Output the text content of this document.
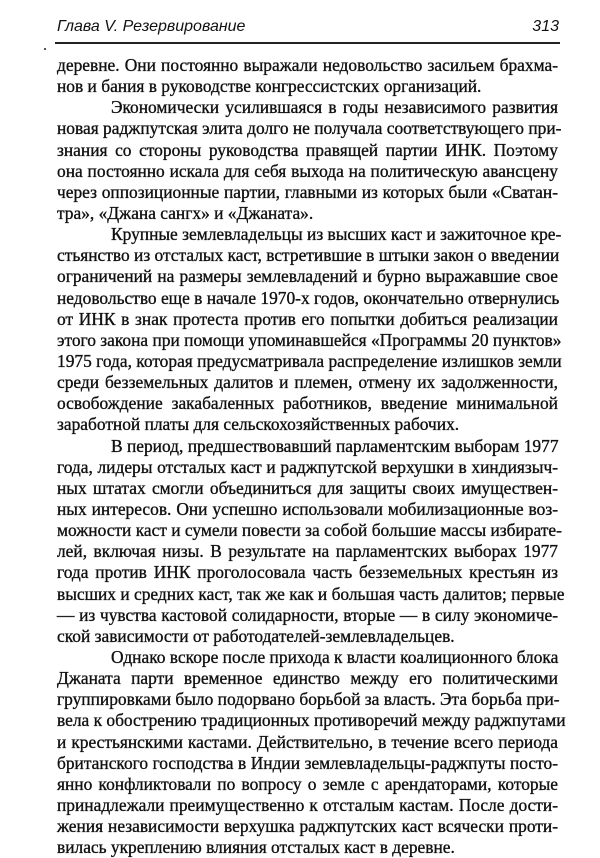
Глава V. Резервирование	313
деревне. Они постоянно выражали недовольство засильем брахма-
нов и бания в руководстве конгрессистских организаций.
Экономически усилившаяся в годы независимого развития
новая раджпутская элита долго не получала соответствующего при-
знания со стороны руководства правящей партии ИНК. Поэтому
она постоянно искала для себя выхода на политическую авансцену
через оппозиционные партии, главными из которых были «Сватан-
тра», «Джана сангх» и «Джаната».
Крупные землевладельцы из высших каст и зажиточное кре-
стьянство из отсталых каст, встретившие в штыки закон о введении
ограничений на размеры землевладений и бурно выражавшие свое
недовольство еще в начале 1970-х годов, окончательно отвернулись
от ИНК в знак протеста против его попытки добиться реализации
этого закона при помощи упоминавшейся «Программы 20 пунктов»
1975 года, которая предусматривала распределение излишков земли
среди безземельных далитов и племен, отмену их задолженности,
освобождение закабаленных работников, введение минимальной
заработной платы для сельскохозяйственных рабочих.
В период, предшествовавший парламентским выборам 1977
года, лидеры отсталых каст и раджпутской верхушки в хиндиязыч-
ных штатах смогли объединиться для защиты своих имуществен-
ных интересов. Они успешно использовали мобилизационные воз-
можности каст и сумели повести за собой большие массы избирате-
лей, включая низы. В результате на парламентских выборах 1977
года против ИНК проголосовала часть безземельных крестьян из
высших и средних каст, так же как и большая часть далитов; первые
— из чувства кастовой солидарности, вторые — в силу экономиче-
ской зависимости от работодателей-землевладельцев.
Однако вскоре после прихода к власти коалиционного блока
Джаната парти временное единство между его политическими
группировками было подорвано борьбой за власть. Эта борьба при-
вела к обострению традиционных противоречий между раджпутами
и крестьянскими кастами. Действительно, в течение всего периода
британского господства в Индии землевладельцы-раджпуты посто-
янно конфликтовали по вопросу о земле с арендаторами, которые
принадлежали преимущественно к отсталым кастам. После дости-
жения независимости верхушка раджпутских каст всячески проти-
вилась укреплению влияния отсталых каст в деревне.
